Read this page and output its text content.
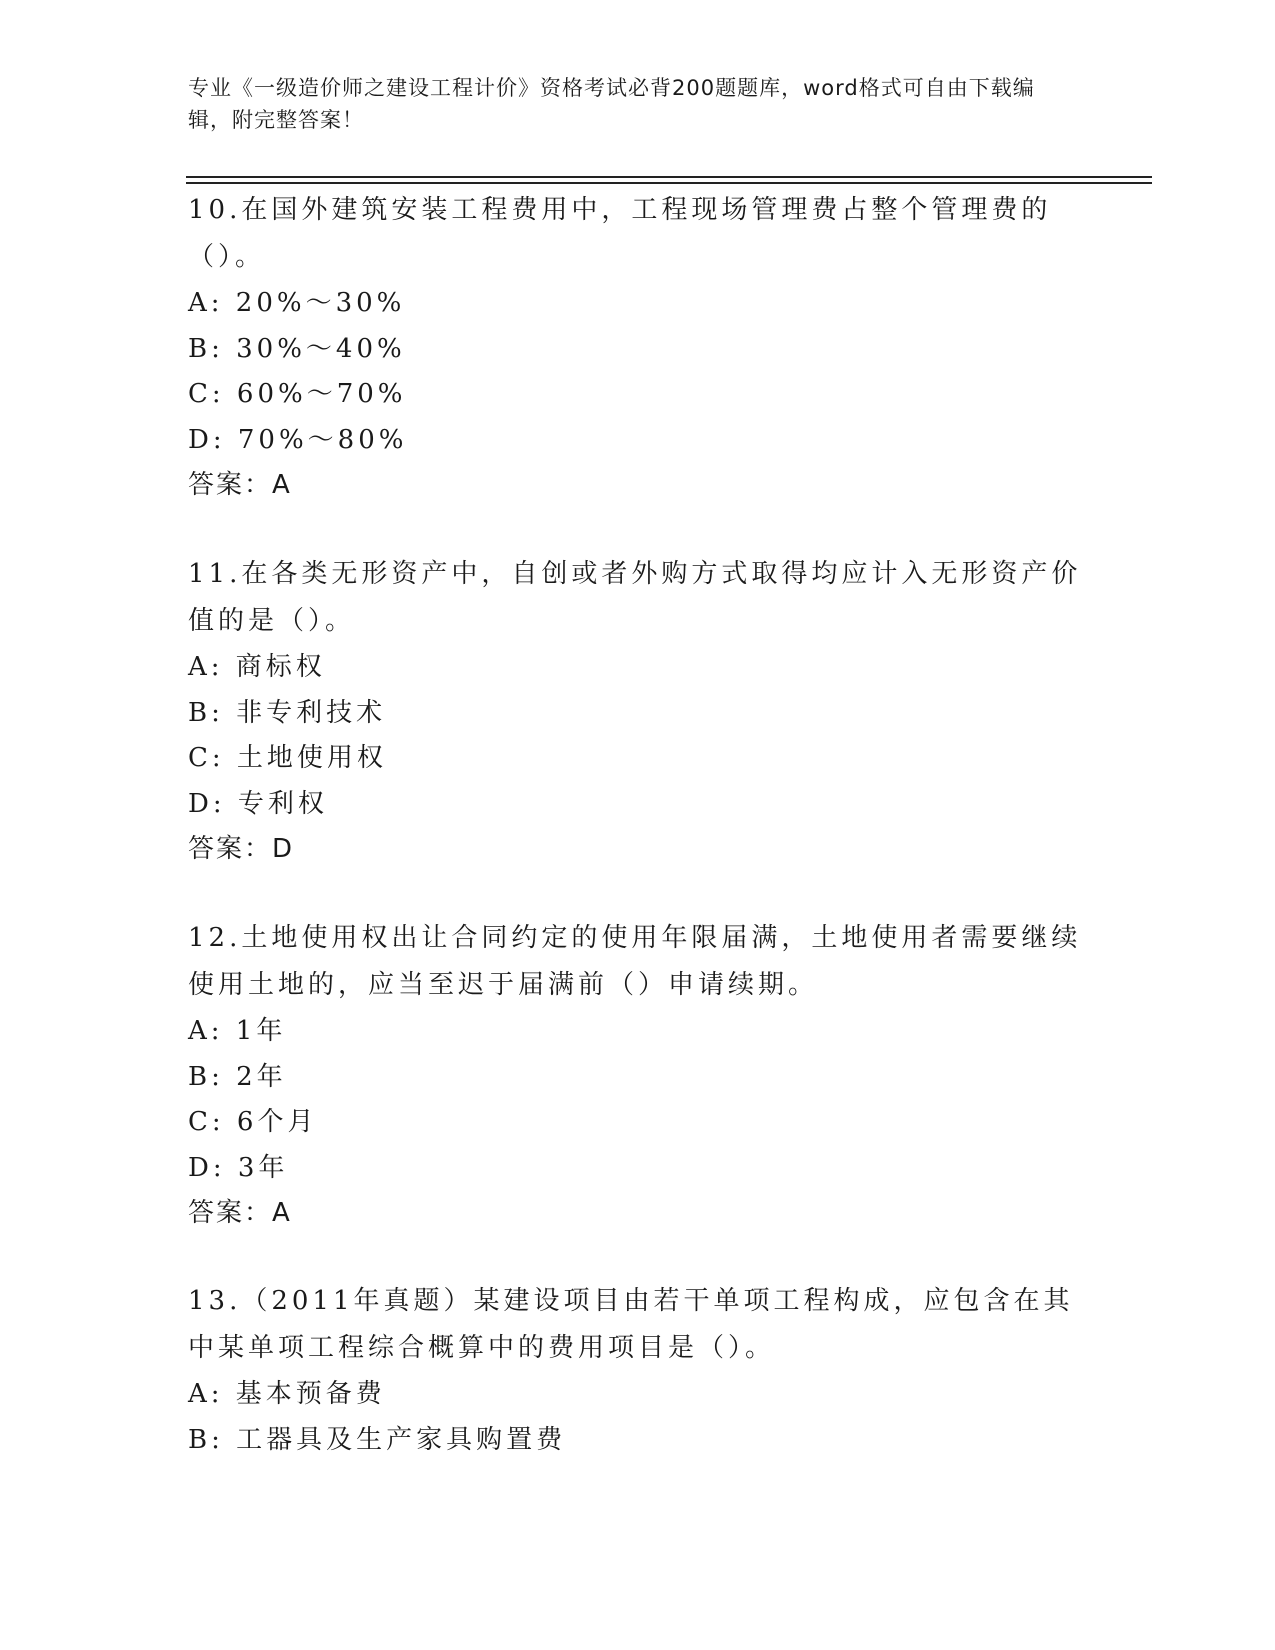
专业《一级造价师之建设工程计价》资格考试必背200题题库，word格式可自由下载编辑，附完整答案！

10.在国外建筑安装工程费用中，工程现场管理费占整个管理费的（）。

A: 20%～30%

B: 30%～40%

C: 60%～70%

D: 70%～80%

答案：A

11.在各类无形资产中，自创或者外购方式取得均应计入无形资产价值的是（）。

A: 商标权

B: 非专利技术

C: 土地使用权

D: 专利权

答案：D

12.土地使用权出让合同约定的使用年限届满，土地使用者需要继续使用土地的，应当至迟于届满前（）申请续期。

A: 1年

B: 2年

C: 6个月

D: 3年

答案：A

13.（2011年真题）某建设项目由若干单项工程构成，应包含在其中某单项工程综合概算中的费用项目是（）。

A: 基本预备费

B: 工器具及生产家具购置费
